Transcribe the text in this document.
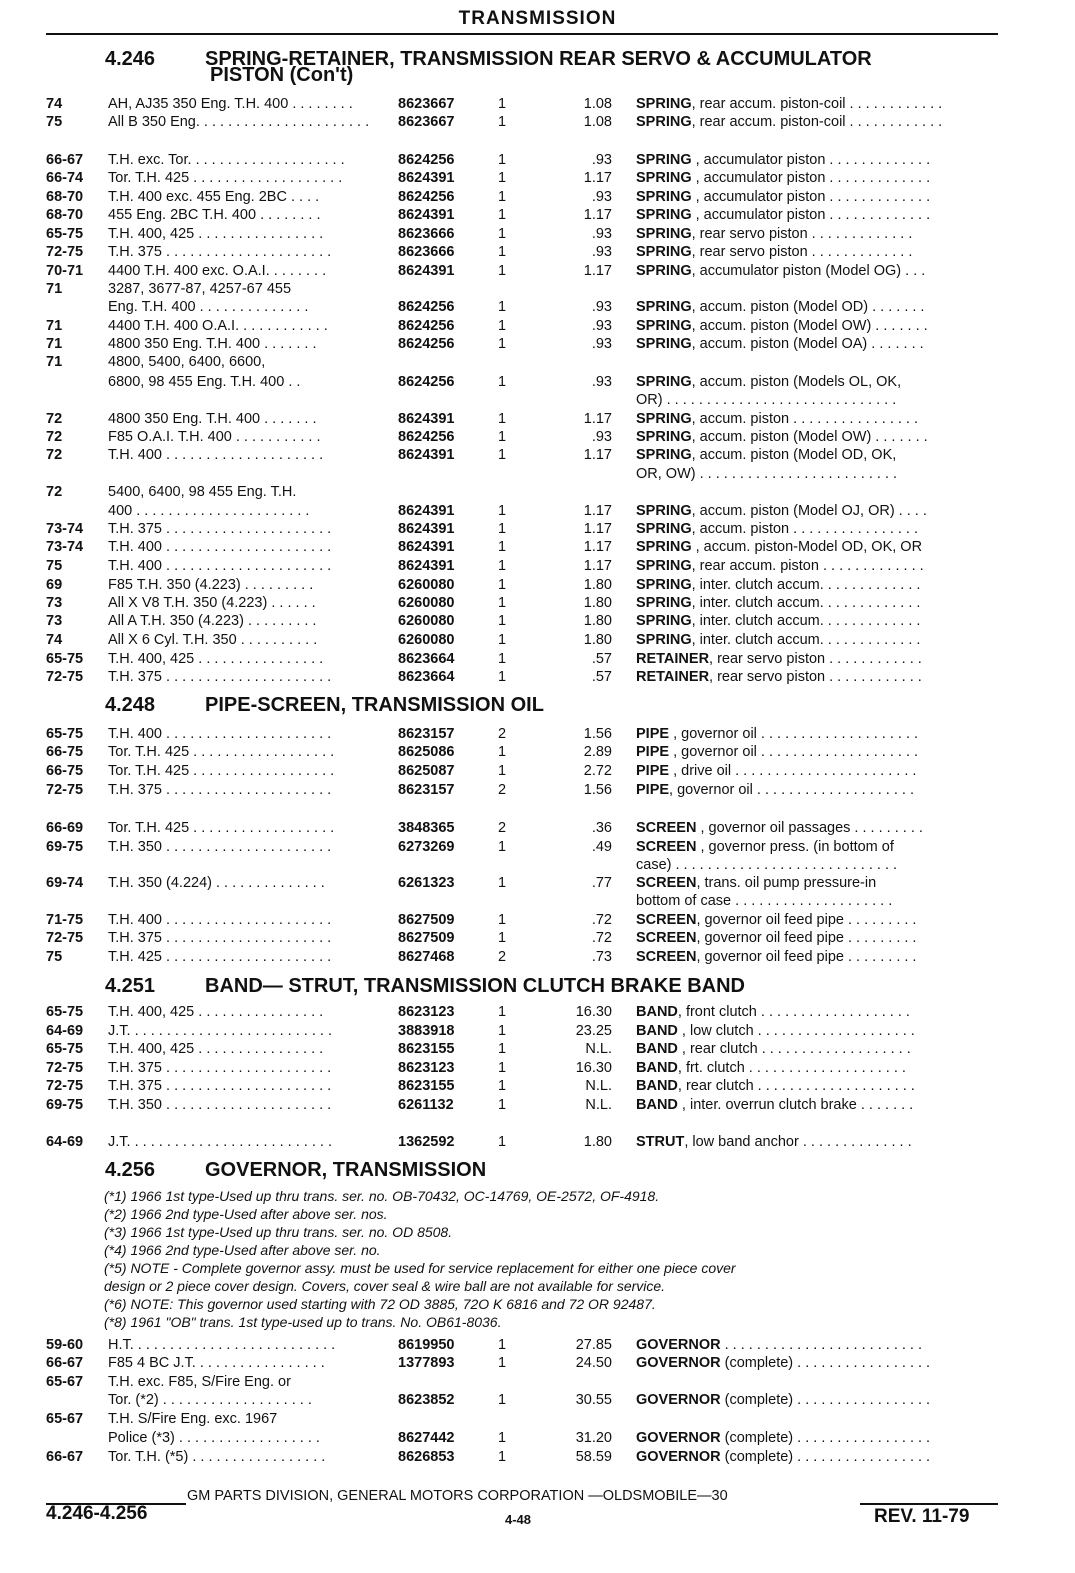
TRANSMISSION
4.246 SPRING-RETAINER, TRANSMISSION REAR SERVO & ACCUMULATOR
PISTON (Con't)
4.248 PIPE-SCREEN, TRANSMISSION OIL
4.251 BAND— STRUT, TRANSMISSION CLUTCH BRAKE BAND
4.256 GOVERNOR, TRANSMISSION
74	AH, AJ35 350 Eng. T.H. 400 . . . . . . . .	8623667	1	1.08 SPRING, rear accum. piston-coil . . . . . . . . . . . .
75	All B 350 Eng. . . . . . . . . . . . . . . . . . . . . .	8623667	1	1.08 SPRING, rear accum. piston-coil . . . . . . . . . . . .
66-67	T.H. exc. Tor. . . . . . . . . . . . . . . . . . . .	8624256	1	.93 SPRING , accumulator piston . . . . . . . . . . . . .
66-74	Tor. T.H. 425 . . . . . . . . . . . . . . . . . . .	8624391	1	1.17 SPRING , accumulator piston . . . . . . . . . . . . .
68-70	T.H. 400 exc. 455 Eng. 2BC . . . .	8624256	1	.93 SPRING , accumulator piston . . . . . . . . . . . . .
68-70	455 Eng. 2BC T.H. 400 . . . . . . . .	8624391	1	1.17 SPRING , accumulator piston . . . . . . . . . . . . .
65-75	T.H. 400, 425 . . . . . . . . . . . . . . . .	8623666	1	.93 SPRING, rear servo piston . . . . . . . . . . . . .
72-75	T.H. 375 . . . . . . . . . . . . . . . . . . . . .	8623666	1	.93 SPRING, rear servo piston . . . . . . . . . . . . .
70-71	4400 T.H. 400 exc. O.A.I. . . . . . . .	8624391	1	1.17 SPRING, accumulator piston (Model OG) . . .
71	3287, 3677-87, 4257-67 455
Eng. T.H. 400 . . . . . . . . . . . . . .	8624256	1	.93 SPRING, accum. piston (Model OD) . . . . . . .
71	4400 T.H. 400 O.A.I. . . . . . . . . . . .	8624256	1	.93 SPRING, accum. piston (Model OW) . . . . . . .
71	4800 350 Eng. T.H. 400 . . . . . . .	8624256	1	.93 SPRING, accum. piston (Model OA) . . . . . . .
71	4800, 5400, 6400, 6600,
6800, 98 455 Eng. T.H. 400 . .	8624256	1	.93 SPRING, accum. piston (Models OL, OK,
OR) . . . . . . . . . . . . . . . . . . . . . . . . . . . . .
72	4800 350 Eng. T.H. 400 . . . . . . .	8624391	1	1.17 SPRING, accum. piston . . . . . . . . . . . . . . . .
72	F85 O.A.I. T.H. 400 . . . . . . . . . . .	8624256	1	.93 SPRING, accum. piston (Model OW) . . . . . . .
72	T.H. 400 . . . . . . . . . . . . . . . . . . . .	8624391	1	1.17 SPRING, accum. piston (Model OD, OK,
OR, OW) . . . . . . . . . . . . . . . . . . . . . . . . .
72	5400, 6400, 98 455 Eng. T.H.
400 . . . . . . . . . . . . . . . . . . . . . .	8624391	1	1.17 SPRING, accum. piston (Model OJ, OR) . . . .
73-74	T.H. 375 . . . . . . . . . . . . . . . . . . . . .	8624391	1	1.17 SPRING, accum. piston . . . . . . . . . . . . . . . .
73-74	T.H. 400 . . . . . . . . . . . . . . . . . . . . .	8624391	1	1.17 SPRING , accum. piston-Model OD, OK, OR
75	T.H. 400 . . . . . . . . . . . . . . . . . . . . .	8624391	1	1.17 SPRING, rear accum. piston . . . . . . . . . . . . .
69	F85 T.H. 350 (4.223) . . . . . . . . .	6260080	1	1.80 SPRING, inter. clutch accum. . . . . . . . . . . . .
73	All X V8 T.H. 350 (4.223) . . . . . .	6260080	1	1.80 SPRING, inter. clutch accum. . . . . . . . . . . . .
73	All A T.H. 350 (4.223) . . . . . . . . .	6260080	1	1.80 SPRING, inter. clutch accum. . . . . . . . . . . . .
74	All X 6 Cyl. T.H. 350 . . . . . . . . . .	6260080	1	1.80 SPRING, inter. clutch accum. . . . . . . . . . . . .
65-75	T.H. 400, 425 . . . . . . . . . . . . . . . .	8623664	1	.57 RETAINER, rear servo piston . . . . . . . . . . . .
72-75	T.H. 375 . . . . . . . . . . . . . . . . . . . . .	8623664	1	.57 RETAINER, rear servo piston . . . . . . . . . . . .
65-75	T.H. 400 . . . . . . . . . . . . . . . . . . . . .	8623157	2	1.56 PIPE , governor oil . . . . . . . . . . . . . . . . . . . .
66-75	Tor. T.H. 425 . . . . . . . . . . . . . . . . . .	8625086	1	2.89 PIPE , governor oil . . . . . . . . . . . . . . . . . . . .
66-75	Tor. T.H. 425 . . . . . . . . . . . . . . . . . .	8625087	1	2.72 PIPE , drive oil . . . . . . . . . . . . . . . . . . . . . . .
72-75	T.H. 375 . . . . . . . . . . . . . . . . . . . . .	8623157	2	1.56 PIPE, governor oil . . . . . . . . . . . . . . . . . . . .
66-69	Tor. T.H. 425 . . . . . . . . . . . . . . . . . .	3848365	2	.36 SCREEN , governor oil passages . . . . . . . . .
69-75	T.H. 350 . . . . . . . . . . . . . . . . . . . . .	6273269	1	.49 SCREEN , governor press. (in bottom of
case) . . . . . . . . . . . . . . . . . . . . . . . . . . . .
69-74	T.H. 350 (4.224) . . . . . . . . . . . . . .	6261323	1	.77 SCREEN, trans. oil pump pressure-in
bottom of case . . . . . . . . . . . . . . . . . . . .
71-75	T.H. 400 . . . . . . . . . . . . . . . . . . . . .	8627509	1	.72 SCREEN, governor oil feed pipe . . . . . . . . .
72-75	T.H. 375 . . . . . . . . . . . . . . . . . . . . .	8627509	1	.72 SCREEN, governor oil feed pipe . . . . . . . . .
75	T.H. 425 . . . . . . . . . . . . . . . . . . . . .	8627468	2	.73 SCREEN, governor oil feed pipe . . . . . . . . .
65-75	T.H. 400, 425 . . . . . . . . . . . . . . . .	8623123	1	16.30 BAND, front clutch . . . . . . . . . . . . . . . . . . .
64-69	J.T. . . . . . . . . . . . . . . . . . . . . . . . . .	3883918	1	23.25 BAND , low clutch . . . . . . . . . . . . . . . . . . . .
65-75	T.H. 400, 425 . . . . . . . . . . . . . . . .	8623155	1	N.L. BAND , rear clutch . . . . . . . . . . . . . . . . . . .
72-75	T.H. 375 . . . . . . . . . . . . . . . . . . . . .	8623123	1	16.30 BAND, frt. clutch . . . . . . . . . . . . . . . . . . . .
72-75	T.H. 375 . . . . . . . . . . . . . . . . . . . . .	8623155	1	N.L. BAND, rear clutch . . . . . . . . . . . . . . . . . . . .
69-75	T.H. 350 . . . . . . . . . . . . . . . . . . . . .	6261132	1	N.L. BAND , inter. overrun clutch brake . . . . . . .
64-69	J.T. . . . . . . . . . . . . . . . . . . . . . . . . .	1362592	1	1.80 STRUT, low band anchor . . . . . . . . . . . . . .
59-60	H.T. . . . . . . . . . . . . . . . . . . . . . . . . .	8619950	1	27.85 GOVERNOR . . . . . . . . . . . . . . . . . . . . . . . . .
66-67	F85 4 BC J.T. . . . . . . . . . . . . . . . .	1377893	1	24.50 GOVERNOR (complete) . . . . . . . . . . . . . . . . .
65-67	T.H. exc. F85, S/Fire Eng. or
Tor. (*2) . . . . . . . . . . . . . . . . . . .	8623852	1	30.55 GOVERNOR (complete) . . . . . . . . . . . . . . . . .
65-67	T.H. S/Fire Eng. exc. 1967
Police (*3) . . . . . . . . . . . . . . . . . .	8627442	1	31.20 GOVERNOR (complete) . . . . . . . . . . . . . . . . .
66-67	Tor. T.H. (*5) . . . . . . . . . . . . . . . . .	8626853	1	58.59 GOVERNOR (complete) . . . . . . . . . . . . . . . . .
(*1) 1966 1st type-Used up thru trans. ser. no. OB-70432, OC-14769, OE-2572, OF-4918.
(*2) 1966 2nd type-Used after above ser. nos.
(*3) 1966 1st type-Used up thru trans. ser. no. OD 8508.
(*4) 1966 2nd type-Used after above ser. no.
(*5) NOTE - Complete governor assy. must be used for service replacement for either one piece cover
design or 2 piece cover design. Covers, cover seal & wire ball are not available for service.
(*6) NOTE: This governor used starting with 72 OD 3885, 72O K 6816 and 72 OR 92487.
(*8) 1961 "OB" trans. 1st type-used up to trans. No. OB61-8036.
GM PARTS DIVISION, GENERAL MOTORS CORPORATION —OLDSMOBILE—30
4.246-4.256	4-48	REV. 11-79
